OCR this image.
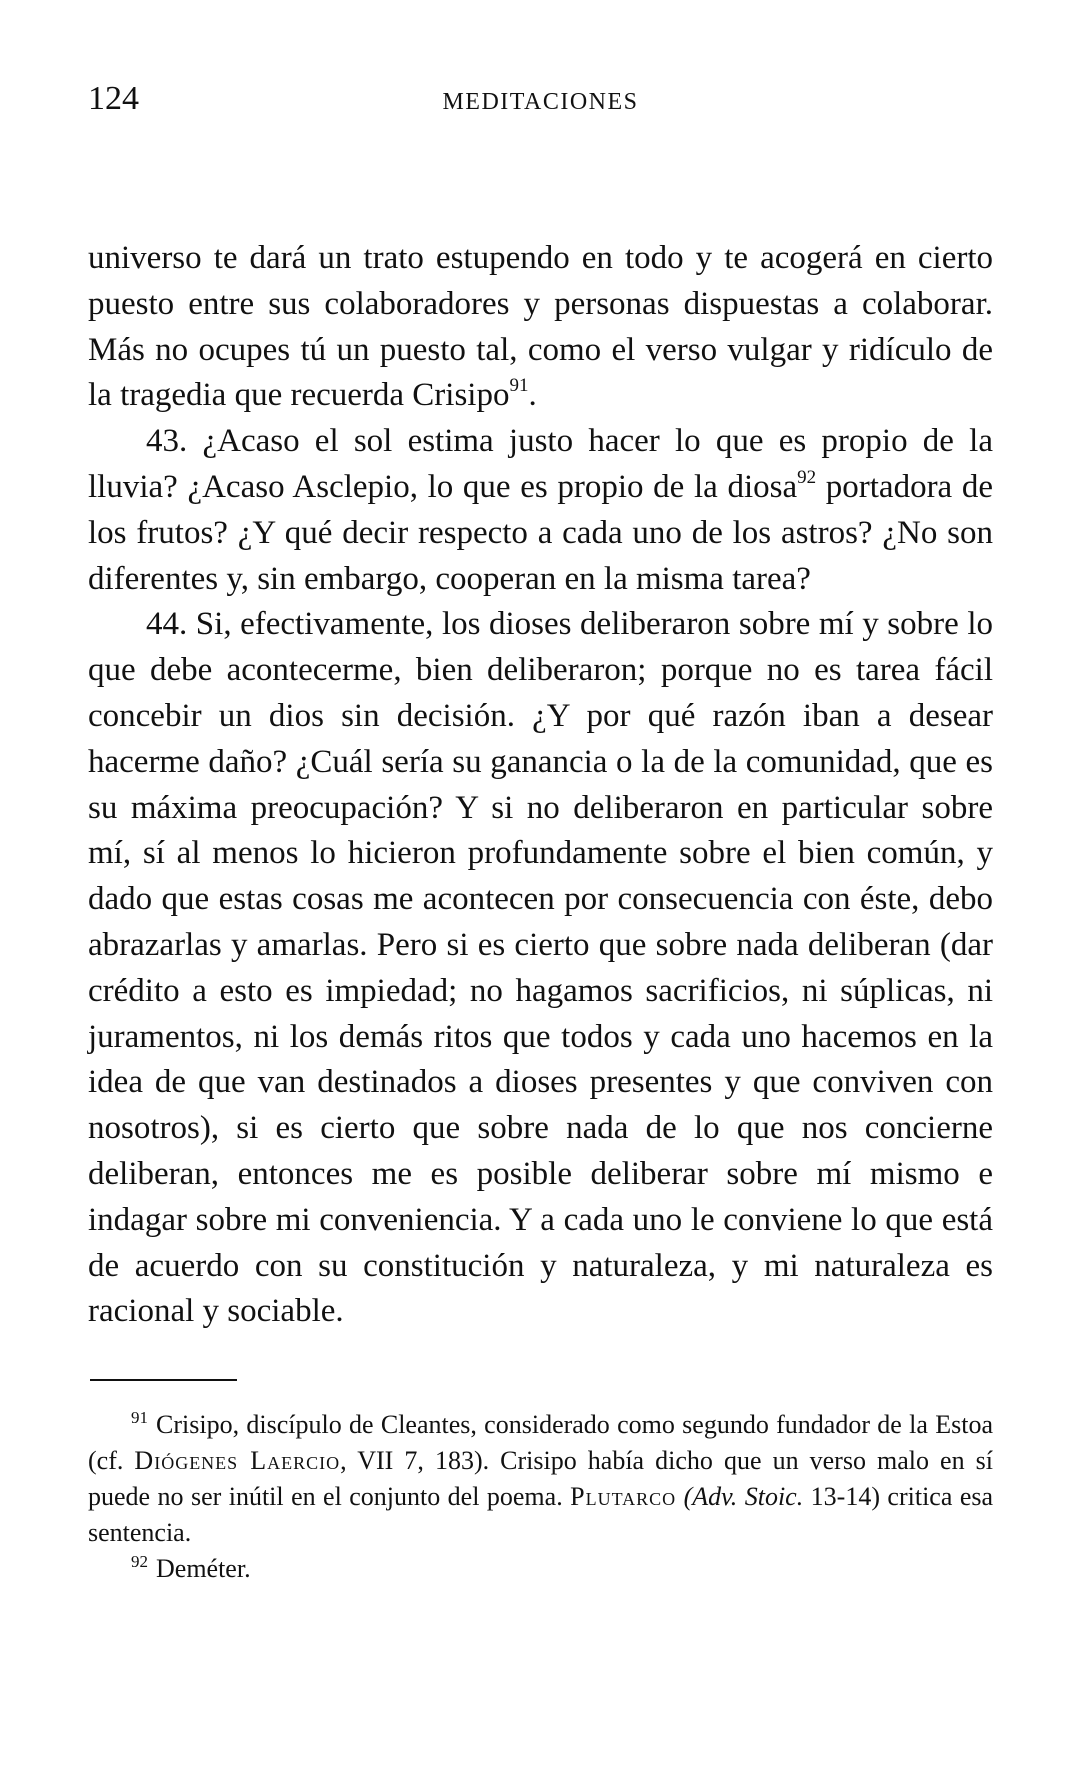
124	MEDITACIONES

universo te dará un trato estupendo en todo y te acogerá en cierto puesto entre sus colaboradores y personas dispuestas a colaborar. Más no ocupes tú un puesto tal, como el verso vulgar y ridículo de la tragedia que recuerda Crisipo$^{91}$.

43. ¿Acaso el sol estima justo hacer lo que es propio de la lluvia? ¿Acaso Asclepio, lo que es propio de la diosa$^{92}$ portadora de los frutos? ¿Y qué decir respecto a cada uno de los astros? ¿No son diferentes y, sin embargo, cooperan en la misma tarea?

44. Si, efectivamente, los dioses deliberaron sobre mí y sobre lo que debe acontecerme, bien deliberaron; porque no es tarea fácil concebir un dios sin decisión. ¿Y por qué razón iban a desear hacerme daño? ¿Cuál sería su ganancia o la de la comunidad, que es su máxima preocupación? Y si no deliberaron en particular sobre mí, sí al menos lo hicieron profundamente sobre el bien común, y dado que estas cosas me acontecen por consecuencia con éste, debo abrazarlas y amarlas. Pero si es cierto que sobre nada deliberan (dar crédito a esto es impiedad; no hagamos sacrificios, ni súplicas, ni juramentos, ni los demás ritos que todos y cada uno hacemos en la idea de que van destinados a dioses presentes y que conviven con nosotros), si es cierto que sobre nada de lo que nos concierne deliberan, entonces me es posible deliberar sobre mí mismo e indagar sobre mi conveniencia. Y a cada uno le conviene lo que está de acuerdo con su constitución y naturaleza, y mi naturaleza es racional y sociable.

$^{91}$ Crisipo, discípulo de Cleantes, considerado como segundo fundador de la Estoa (cf. Diógenes Laercio, VII 7, 183). Crisipo había dicho que un verso malo en sí puede no ser inútil en el conjunto del poema. Plutarco (Adv. Stoic. 13-14) critica esa sentencia.

$^{92}$ Deméter.
